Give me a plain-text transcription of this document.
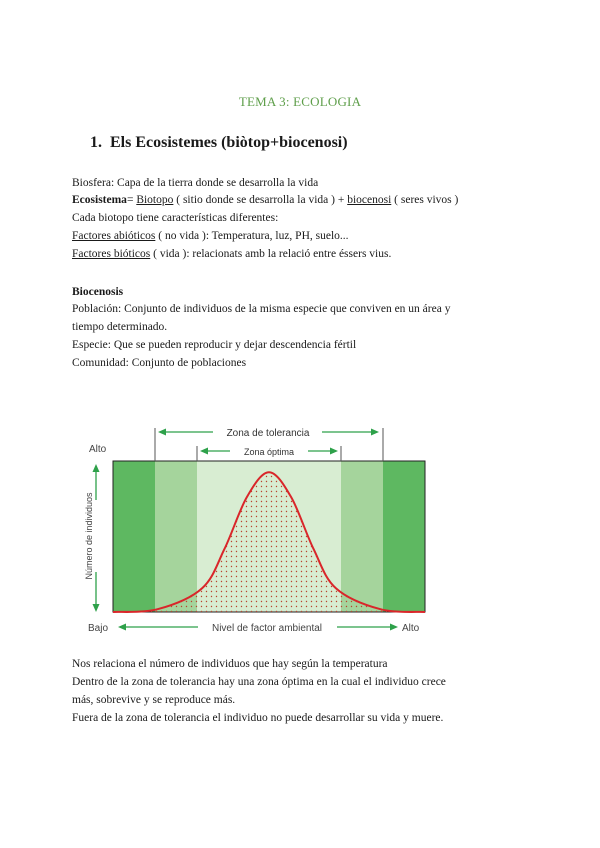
TEMA 3: ECOLOGIA
1. Els Ecosistemes (biòtop+biocenosi)
Biosfera: Capa de la tierra donde se desarrolla la vida
Ecosistema= Biotopo ( sitio donde se desarrolla la vida ) + biocenosi ( seres vivos )
Cada biotopo tiene características diferentes:
Factores abióticos ( no vida ): Temperatura, luz, PH, suelo...
Factores bióticos ( vida ): relacionats amb la relació entre éssers vius.
Biocenosis
Población: Conjunto de individuos de la misma especie que conviven en un área y
tiempo determinado.
Especie: Que se pueden reproducir y dejar descendencia fértil
Comunidad: Conjunto de poblaciones
Zona de tolerancia
Zona óptima
Alto
Número de individuos
Bajo	Nivel de factor ambiental	Alto
Nos relaciona el número de individuos que hay según la temperatura
Dentro de la zona de tolerancia hay una zona óptima en la cual el individuo crece
más, sobrevive y se reproduce más.
Fuera de la zona de tolerancia el individuo no puede desarrollar su vida y muere.
